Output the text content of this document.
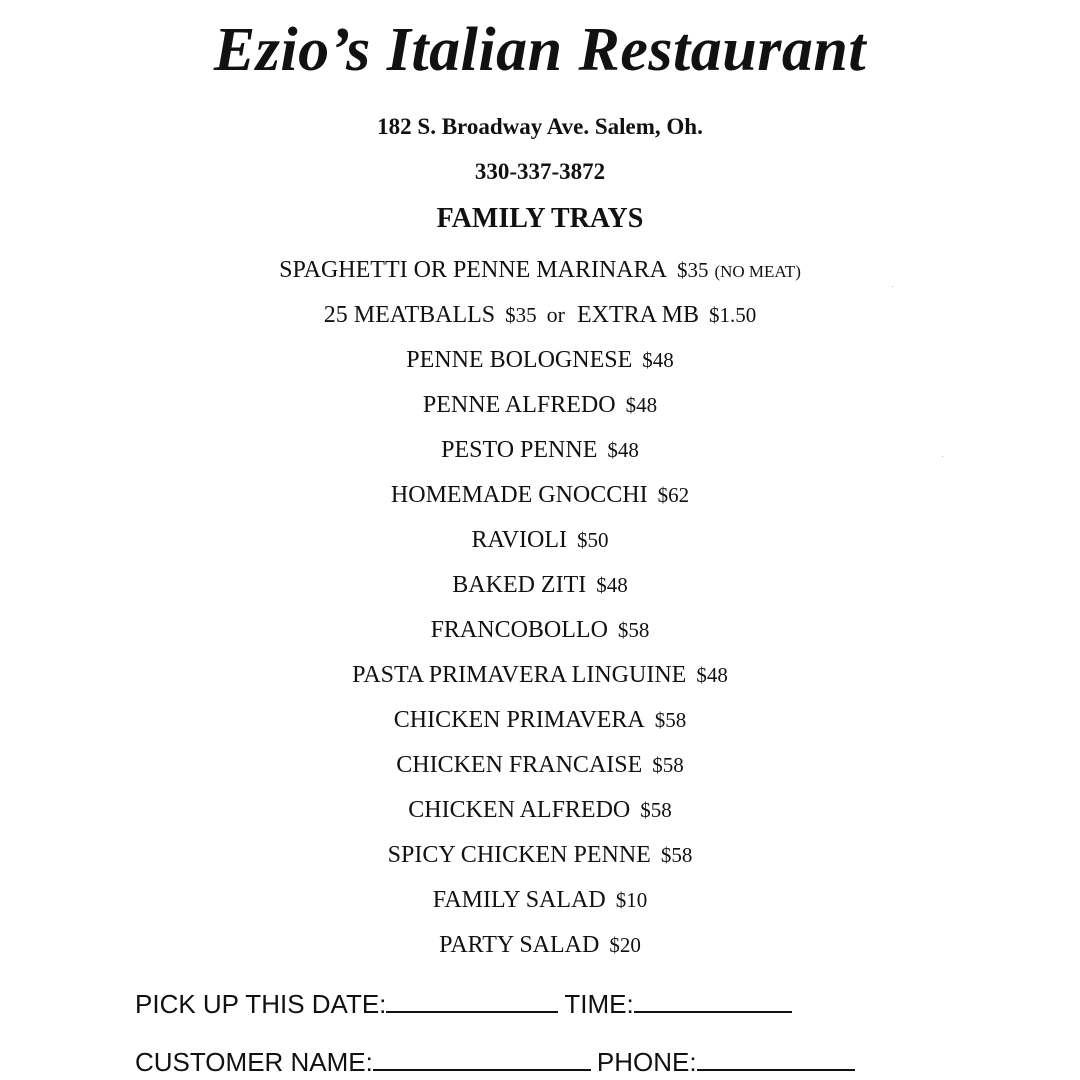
Ezio’s Italian Restaurant
182 S. Broadway Ave. Salem, Oh.
330-337-3872
FAMILY TRAYS
SPAGHETTI OR PENNE MARINARA $35 (NO MEAT)
25 MEATBALLS $35 or EXTRA MB $1.50
PENNE BOLOGNESE $48
PENNE ALFREDO $48
PESTO PENNE $48
HOMEMADE GNOCCHI $62
RAVIOLI $50
BAKED ZITI $48
FRANCOBOLLO $58
PASTA PRIMAVERA LINGUINE $48
CHICKEN PRIMAVERA $58
CHICKEN FRANCAISE $58
CHICKEN ALFREDO $58
SPICY CHICKEN PENNE $58
FAMILY SALAD $10
PARTY SALAD $20
PICK UP THIS DATE:	TIME:
CUSTOMER NAME:	PHONE:
